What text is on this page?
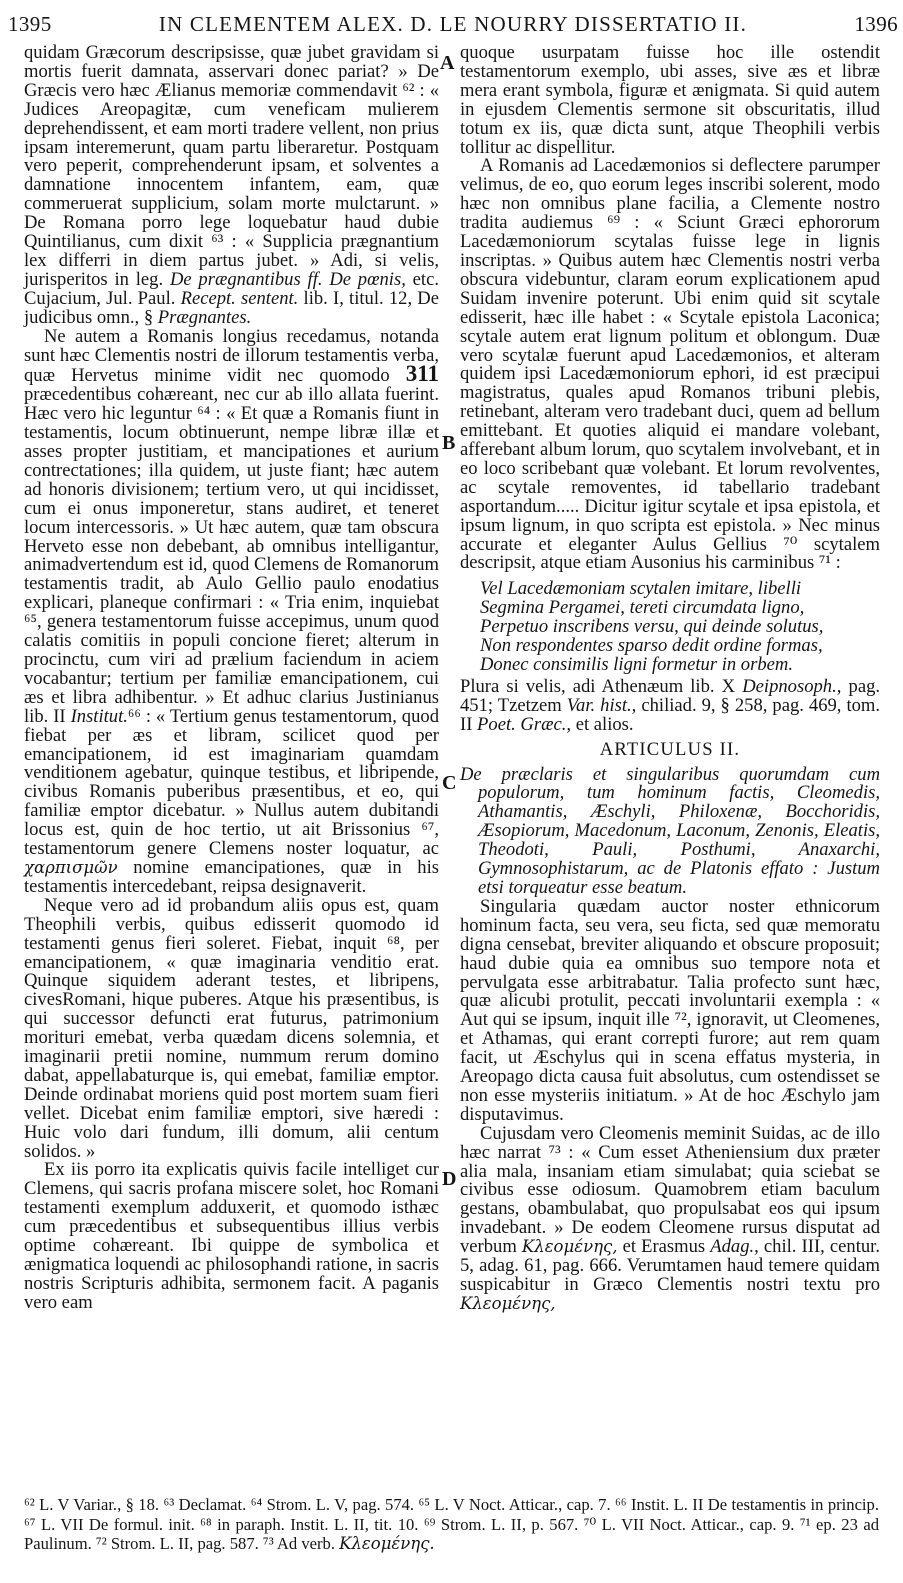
1395	IN CLEMENTEM ALEX. D. LE NOURRY DISSERTATIO II.	1396
A
B
C
D

quidam Græcorum descripsisse, quæ jubet gravidam si mortis fuerit damnata, asservari donec pariat? » De Græcis vero hæc Ælianus memoriæ commendavit ⁶² : « Judices Areopagitæ, cum veneficam mulierem deprehendissent, et eam morti tradere vellent, non prius ipsam interemerunt, quam partu liberaretur. Postquam vero peperit, comprehenderunt ipsam, et solventes a damnatione innocentem infantem, eam, quæ commeruerat supplicium, solam morte mulctarunt. » De Romana porro lege loquebatur haud dubie Quintilianus, cum dixit ⁶³ : « Supplicia prægnantium lex differri in diem partus jubet. » Adi, si velis, jurisperitos in leg. De prægnantibus ff. De pœnis, etc. Cujacium, Jul. Paul. Recept. sentent. lib. I, titul. 12, De judicibus omn., § Prægnantes.

Ne autem a Romanis longius recedamus, notanda sunt hæc Clementis nostri de illorum testamentis verba, quæ Hervetus minime vidit nec quomodo 311 præcedentibus cohæreant, nec cur ab illo allata fuerint. Hæc vero hic leguntur ⁶⁴ : « Et quæ a Romanis fiunt in testamentis, locum obtinuerunt, nempe libræ illæ et asses propter justitiam, et mancipationes et aurium contrectationes; illa quidem, ut juste fiant; hæc autem ad honoris divisionem; tertium vero, ut qui incidisset, cum ei onus imponeretur, stans audiret, et teneret locum intercessoris. » Ut hæc autem, quæ tam obscura Herveto esse non debebant, ab omnibus intelligantur, animadvertendum est id, quod Clemens de Romanorum testamentis tradit, ab Aulo Gellio paulo enodatius explicari, planeque confirmari : « Tria enim, inquiebat ⁶⁵, genera testamentorum fuisse accepimus, unum quod calatis comitiis in populi concione fieret; alterum in procinctu, cum viri ad prælium faciendum in aciem vocabantur; tertium per familiæ emancipationem, cui æs et libra adhibentur. » Et adhuc clarius Justinianus lib. II Institut.⁶⁶ : « Tertium genus testamentorum, quod fiebat per æs et libram, scilicet quod per emancipationem, id est imaginariam quamdam venditionem agebatur, quinque testibus, et libripende, civibus Romanis puberibus præsentibus, et eo, qui familiæ emptor dicebatur. » Nullus autem dubitandi locus est, quin de hoc tertio, ut ait Brissonius ⁶⁷, testamentorum genere Clemens noster loquatur, ac χαρπισμῶν nomine emancipationes, quæ in his testamentis intercedebant, reipsa designaverit.

Neque vero ad id probandum aliis opus est, quam Theophili verbis, quibus edisserit quomodo id testamenti genus fieri soleret. Fiebat, inquit ⁶⁸, per emancipationem, « quæ imaginaria venditio erat. Quinque siquidem aderant testes, et libripens, civesRomani, hique puberes. Atque his præsentibus, is qui successor defuncti erat futurus, patrimonium morituri emebat, verba quædam dicens solemnia, et imaginarii pretii nomine, nummum rerum domino dabat, appellabaturque is, qui emebat, familiæ emptor. Deinde ordinabat moriens quid post mortem suam fieri vellet. Dicebat enim familiæ emptori, sive hæredi : Huic volo dari fundum, illi domum, alii centum solidos. »

Ex iis porro ita explicatis quivis facile intelliget cur Clemens, qui sacris profana miscere solet, hoc Romani testamenti exemplum adduxerit, et quomodo isthæc cum præcedentibus et subsequentibus illius verbis optime cohæreant. Ibi quippe de symbolica et ænigmatica loquendi ac philosophandi ratione, in sacris nostris Scripturis adhibita, sermonem facit. A paganis vero eam

quoque usurpatam fuisse hoc ille ostendit testamentorum exemplo, ubi asses, sive æs et libræ mera erant symbola, figuræ et ænigmata. Si quid autem in ejusdem Clementis sermone sit obscuritatis, illud totum ex iis, quæ dicta sunt, atque Theophili verbis tollitur ac dispellitur.

A Romanis ad Lacedæmonios si deflectere parumper velimus, de eo, quo eorum leges inscribi solerent, modo hæc non omnibus plane facilia, a Clemente nostro tradita audiemus ⁶⁹ : « Sciunt Græci ephororum Lacedæmoniorum scytalas fuisse lege in lignis inscriptas. » Quibus autem hæc Clementis nostri verba obscura videbuntur, claram eorum explicationem apud Suidam invenire poterunt. Ubi enim quid sit scytale edisserit, hæc ille habet : « Scytale epistola Laconica; scytale autem erat lignum politum et oblongum. Duæ vero scytalæ fuerunt apud Lacedæmonios, et alteram quidem ipsi Lacedæmoniorum ephori, id est præcipui magistratus, quales apud Romanos tribuni plebis, retinebant, alteram vero tradebant duci, quem ad bellum emittebant. Et quoties aliquid ei mandare volebant, afferebant album lorum, quo scytalem involvebant, et in eo loco scribebant quæ volebant. Et lorum revolventes, ac scytale removentes, id tabellario tradebant asportandum..... Dicitur igitur scytale et ipsa epistola, et ipsum lignum, in quo scripta est epistola. » Nec minus accurate et eleganter Aulus Gellius ⁷⁰ scytalem descripsit, atque etiam Ausonius his carminibus ⁷¹ :

Vel Lacedæmoniam scytalen imitare, libelli
Segmina Pergamei, tereti circumdata ligno,
Perpetuo inscribens versu, qui deinde solutus,
Non respondentes sparso dedit ordine formas,
Donec consimilis ligni formetur in orbem.

Plura si velis, adi Athenæum lib. X Deipnosoph., pag. 451; Tzetzem Var. hist., chiliad. 9, § 258, pag. 469, tom. II Poet. Græc., et alios.

ARTICULUS II.

De præclaris et singularibus quorumdam cum populorum, tum hominum factis, Cleomedis, Athamantis, Æschyli, Philoxenæ, Bocchoridis, Æsopiorum, Macedonum, Laconum, Zenonis, Eleatis, Theodoti, Pauli, Posthumi, Anaxarchi, Gymnosophistarum, ac de Platonis effato : Justum etsi torqueatur esse beatum.

Singularia quædam auctor noster ethnicorum hominum facta, seu vera, seu ficta, sed quæ memoratu digna censebat, breviter aliquando et obscure proposuit; haud dubie quia ea omnibus suo tempore nota et pervulgata esse arbitrabatur. Talia profecto sunt hæc, quæ alicubi protulit, peccati involuntarii exempla : « Aut qui se ipsum, inquit ille ⁷², ignoravit, ut Cleomenes, et Athamas, qui erant correpti furore; aut rem quam facit, ut Æschylus qui in scena effatus mysteria, in Areopago dicta causa fuit absolutus, cum ostendisset se non esse mysteriis initiatum. » At de hoc Æschylo jam disputavimus.

Cujusdam vero Cleomenis meminit Suidas, ac de illo hæc narrat ⁷³ : « Cum esset Atheniensium dux præter alia mala, insaniam etiam simulabat; quia sciebat se civibus esse odiosum. Quamobrem etiam baculum gestans, obambulabat, quo propulsabat eos qui ipsum invadebant. » De eodem Cleomene rursus disputat ad verbum Κλεομένης, et Erasmus Adag., chil. III, centur. 5, adag. 61, pag. 666. Verumtamen haud temere quidam suspicabitur in Græco Clementis nostri textu pro Κλεομένης,

⁶² L. V Variar., § 18. ⁶³ Declamat. ⁶⁴ Strom. L. V, pag. 574. ⁶⁵ L. V Noct. Atticar., cap. 7. ⁶⁶ Instit. L. II De testamentis in princip. ⁶⁷ L. VII De formul. init. ⁶⁸ in paraph. Instit. L. II, tit. 10. ⁶⁹ Strom. L. II, p. 567. ⁷⁰ L. VII Noct. Atticar., cap. 9. ⁷¹ ep. 23 ad Paulinum. ⁷² Strom. L. II, pag. 587. ⁷³ Ad verb. Κλεομένης.
